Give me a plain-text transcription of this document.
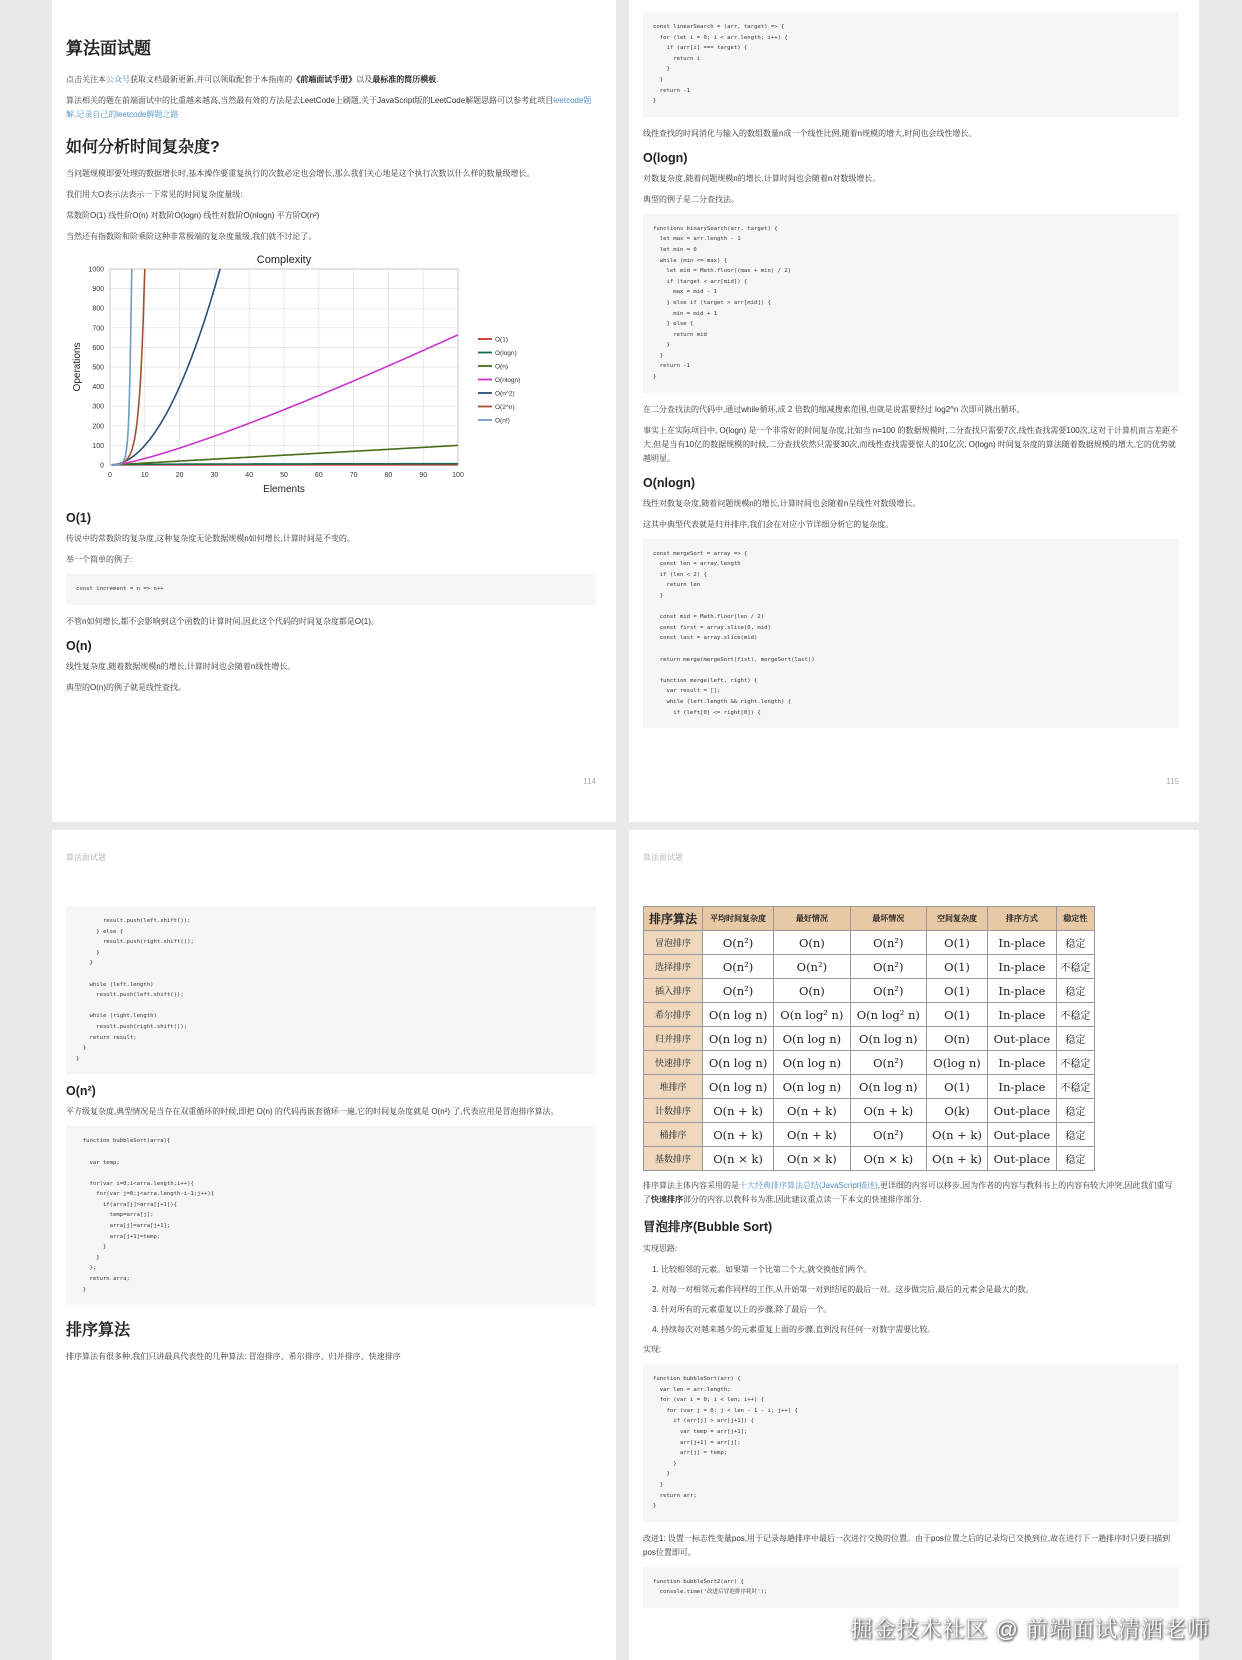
算法面试题

点击关注本公众号获取文档最新更新,并可以领取配套于本指南的《前端面试手册》以及最标准的简历模板.

算法相关的题在前端面试中的比重越来越高,当然最有效的方法是去LeetCode上刷题,关于JavaScript版的LeetCode解题思路可以参考此项目leetcode题解,记录自己的leetcode解题之路

如何分析时间复杂度?

当问题规模即要处理的数据增长时,基本操作要重复执行的次数必定也会增长,那么我们关心地是这个执行次数以什么样的数量级增长。

我们用大O表示法表示一下常见的时间复杂度量级:

常数阶O(1) 线性阶O(n) 对数阶O(logn) 线性对数阶O(nlogn) 平方阶O(n²)

当然还有指数阶和阶乘阶这种非常极端的复杂度量级,我们就不讨论了。

0
100
200
300
400
500
600
700
800
900
1000
0	10	20	30	40	50	60	70	80	90	100
Complexity
Elements
Operations
O(1)
O(logn)
O(n)
O(nlogn)
O(n^2)
O(2^n)
O(n!)
O(1)

传说中的常数阶的复杂度,这种复杂度无论数据规模n如何增长,计算时间是不变的。

举一个简单的例子:

const increment = n => n++

不管n如何增长,都不会影响到这个函数的计算时间,因此这个代码的时间复杂度都是O(1)。

O(n)

线性复杂度,随着数据规模n的增长,计算时间也会随着n线性增长。

典型的O(n)的例子就是线性查找。

114
const linearSearch = (arr, target) => {
for (let i = 0; i < arr.length; i++) {
if (arr[i] === target) {
return i
}
}
return -1
}

线性查找的时间消化与输入的数组数量n成一个线性比例,随着n规模的增大,时间也会线性增长。

O(logn)

对数复杂度,随着问题规模n的增长,计算时间也会随着n对数级增长。

典型的例子是二分查找法。

functions binarySearch(arr, target) {
let max = arr.length - 1
let min = 0
while (min <= max) {
let mid = Math.floor((max + min) / 2)
if (target < arr[mid]) {
max = mid - 1
} else if (target > arr[mid]) {
min = mid + 1
} else {
return mid
}
}
return -1
}

在二分查找法的代码中,通过while循环,成 2 倍数的缩减搜索范围,也就是说需要经过 log2^n 次即可跳出循环。

事实上在实际项目中, O(logn) 是一个非常好的时间复杂度,比如当 n=100 的数据规模时,二分查找只需要7次,线性查找需要100次,这对于计算机而言差距不大,但是当有10亿的数据规模的时候,二分查找依然只需要30次,而线性查找需要惊人的10亿次, O(logn) 时间复杂度的算法随着数据规模的增大,它的优势就越明显。

O(nlogn)

线性对数复杂度,随着问题规模n的增长,计算时间也会随着n呈线性对数级增长。

这其中典型代表就是归并排序,我们会在对应小节详细分析它的复杂度。

const mergeSort = array => {
const len = array.length
if (len < 2) {
return len
}

const mid = Math.floor(len / 2)
const first = array.slice(0, mid)
const last = array.slice(mid)

return merge(mergeSort(fist), mergeSort(last))

function merge(left, right) {
var result = [];
while (left.length && right.length) {
if (left[0] <= right[0]) {
115
算法面试题
result.push(left.shift());
} else {
result.push(right.shift());
}
}

while (left.length)
result.push(left.shift());

while (right.length)
result.push(right.shift());
return result;
}
}
O(n²)

平方级复杂度,典型情况是当存在双重循环的时候,即把 O(n) 的代码再嵌套循环一遍,它的时间复杂度就是 O(n²) 了,代表应用是冒泡排序算法。

function bubbleSort(arra){

var temp;

for(var i=0;i<arra.length;i++){
for(var j=0;j<arra.length-i-1;j++){
if(arra[j]>arra[j+1]){
temp=arra[j];
arra[j]=arra[j+1];
arra[j+1]=temp;
}
}
};
return arra;
}
排序算法

排序算法有很多种,我们只讲最具代表性的几种算法: 冒泡排序、希尔排序、归并排序、快速排序

算法面试题
排序算法	平均时间复杂度	最好情况	最坏情况	空间复杂度	排序方式	稳定性
冒泡排序	O(n²)	O(n)	O(n²)	O(1)	In-place	稳定
选择排序	O(n²)	O(n²)	O(n²)	O(1)	In-place	不稳定
插入排序	O(n²)	O(n)	O(n²)	O(1)	In-place	稳定
希尔排序	O(n log n)	O(n log² n)	O(n log² n)	O(1)	In-place	不稳定
归并排序	O(n log n)	O(n log n)	O(n log n)	O(n)	Out-place	稳定
快速排序	O(n log n)	O(n log n)	O(n²)	O(log n)	In-place	不稳定
堆排序	O(n log n)	O(n log n)	O(n log n)	O(1)	In-place	不稳定
计数排序	O(n + k)	O(n + k)	O(n + k)	O(k)	Out-place	稳定
桶排序	O(n + k)	O(n + k)	O(n²)	O(n + k)	Out-place	稳定
基数排序	O(n × k)	O(n × k)	O(n × k)	O(n + k)	Out-place	稳定

排序算法主体内容采用的是十大经典排序算法总结(JavaScript描述),更详细的内容可以移步,因为作者的内容与教科书上的内容有较大冲突,因此我们重写了快速排序部分的内容,以教科书为准,因此建议重点读一下本文的快速排序部分.

冒泡排序(Bubble Sort)

实现思路:

1. 比较相邻的元素。如果第一个比第二个大,就交换他们两个。
2. 对每一对相邻元素作同样的工作,从开始第一对到结尾的最后一对。这步做完后,最后的元素会是最大的数。
3. 针对所有的元素重复以上的步骤,除了最后一个。
4. 持续每次对越来越少的元素重复上面的步骤,直到没有任何一对数字需要比较。

实现:

function bubbleSort(arr) {
var len = arr.length;
for (var i = 0; i < len; i++) {
for (var j = 0; j < len - 1 - i; j++) {
if (arr[j] > arr[j+1]) {
var temp = arr[j+1];
arr[j+1] = arr[j];
arr[j] = temp;
}
}
}
return arr;
}

改进1: 设置一标志性变量pos,用于记录每趟排序中最后一次进行交换的位置。由于pos位置之后的记录均已交换到位,故在进行下一趟排序时只要扫描到pos位置即可。

function bubbleSort2(arr) {
console.time('改进后冒泡排序耗时');
掘金技术社区 @ 前端面试清酒老师
